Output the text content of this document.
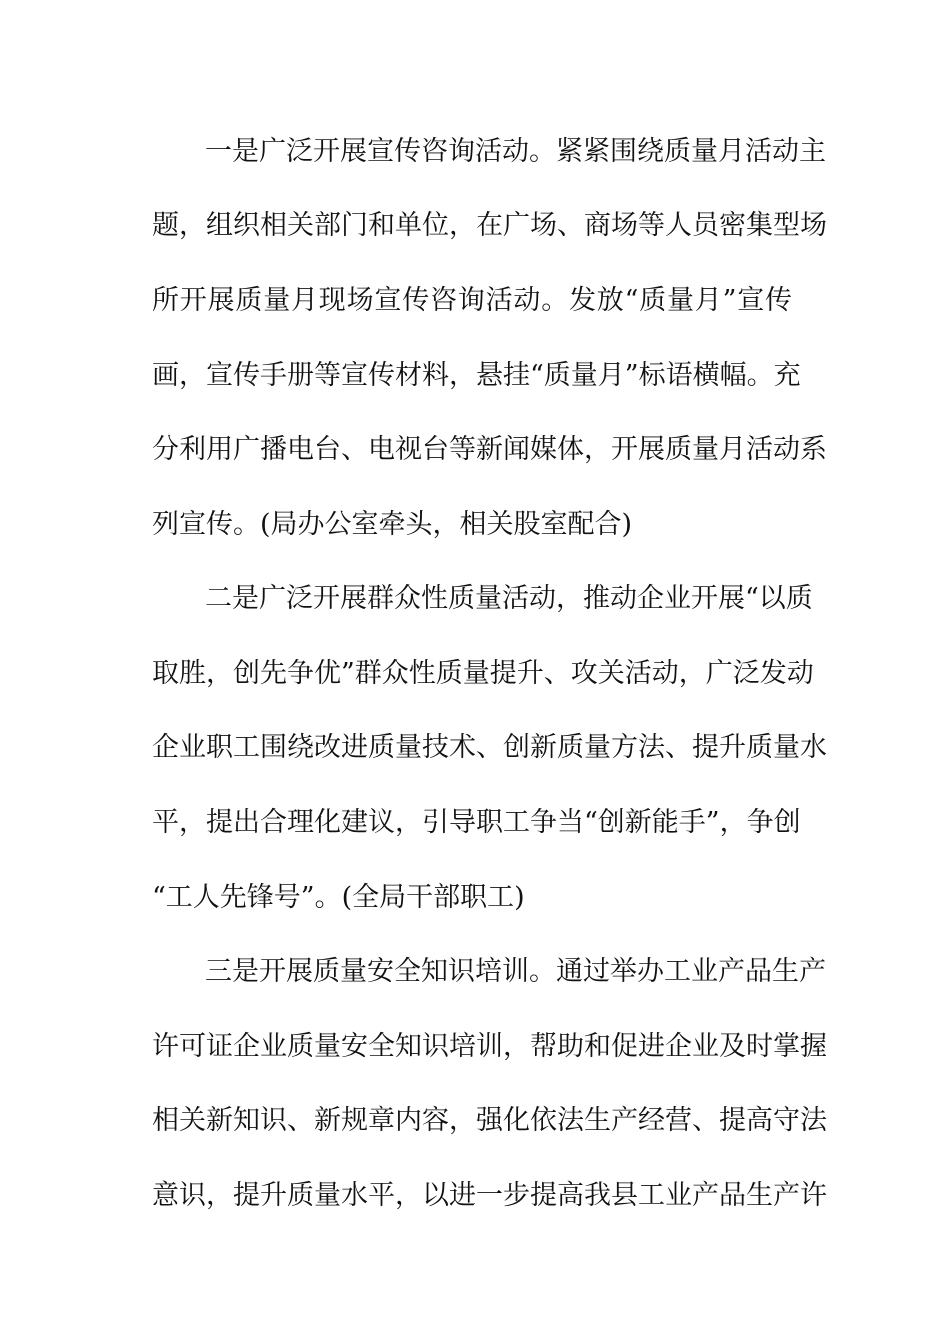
一是广泛开展宣传咨询活动。紧紧围绕质量月活动主
题，组织相关部门和单位，在广场、商场等人员密集型场
所开展质量月现场宣传咨询活动。发放“质量月”宣传
画，宣传手册等宣传材料，悬挂“质量月”标语横幅。充
分利用广播电台、电视台等新闻媒体，开展质量月活动系
列宣传。(局办公室牵头，相关股室配合)
二是广泛开展群众性质量活动，推动企业开展“以质
取胜，创先争优”群众性质量提升、攻关活动，广泛发动
企业职工围绕改进质量技术、创新质量方法、提升质量水
平，提出合理化建议，引导职工争当“创新能手”，争创
“工人先锋号”。(全局干部职工)
三是开展质量安全知识培训。通过举办工业产品生产
许可证企业质量安全知识培训，帮助和促进企业及时掌握
相关新知识、新规章内容，强化依法生产经营、提高守法
意识，提升质量水平，以进一步提高我县工业产品生产许
